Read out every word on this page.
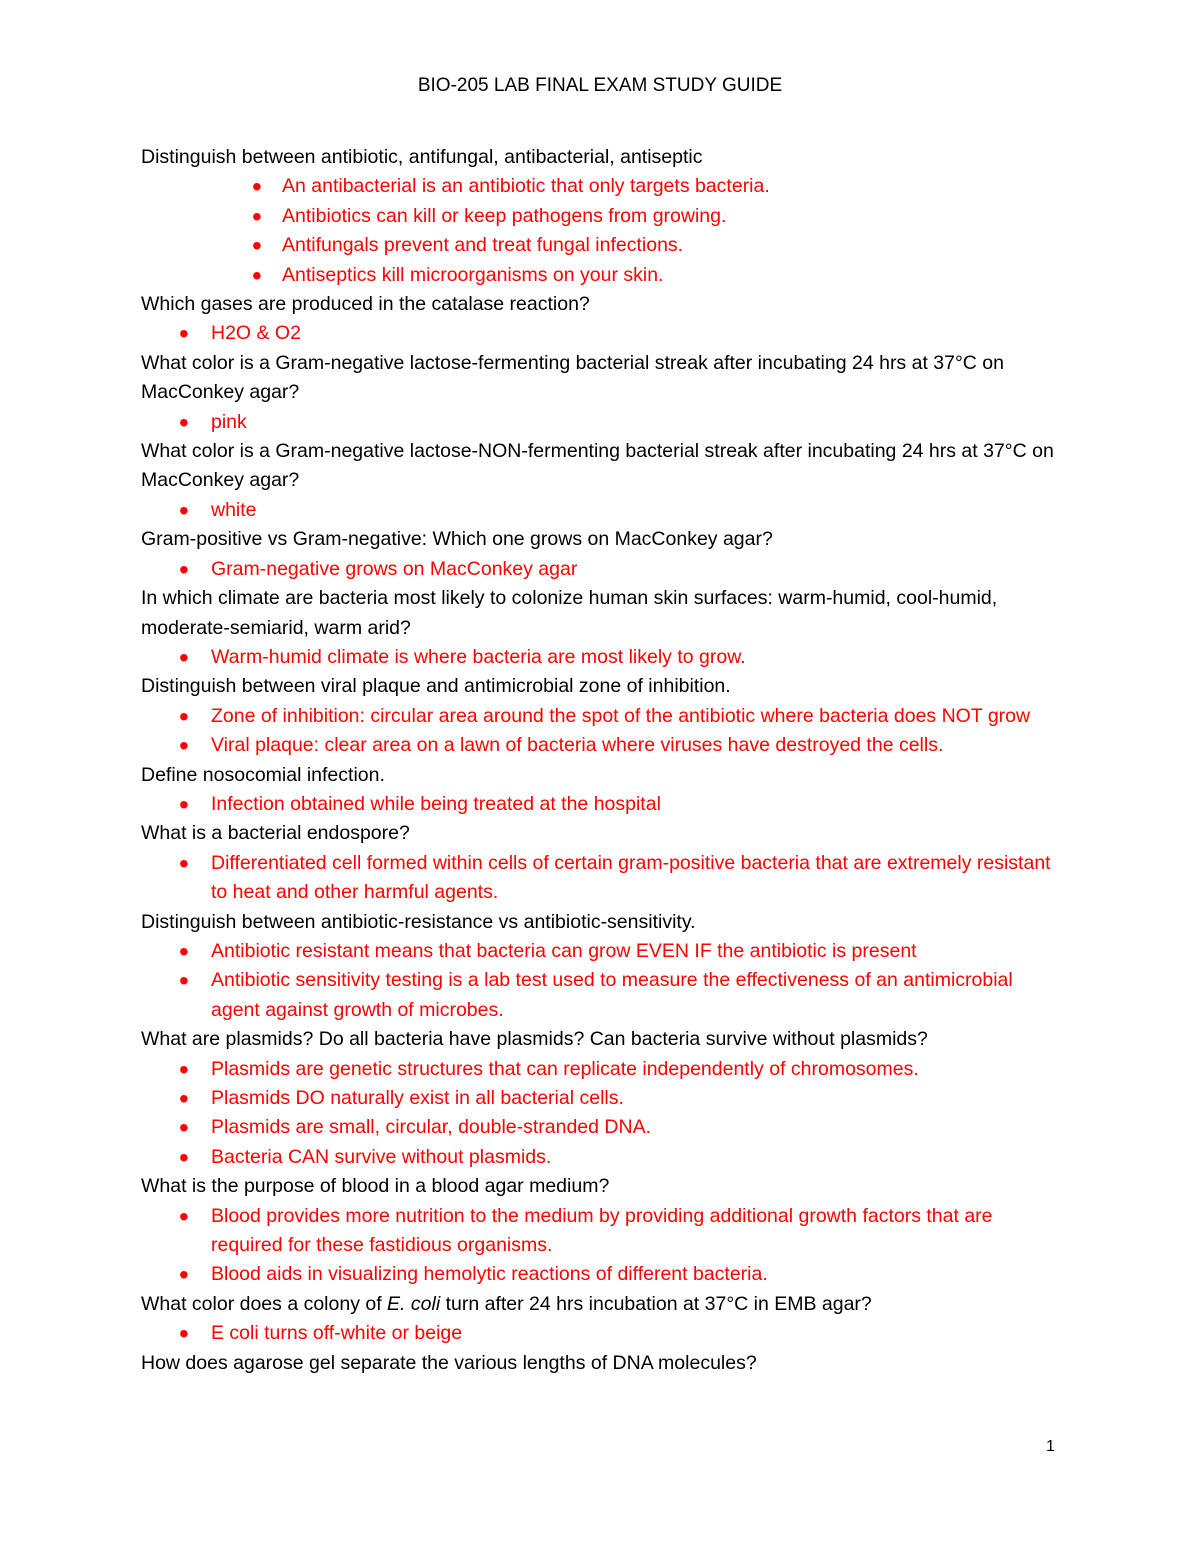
BIO-205 LAB FINAL EXAM STUDY GUIDE

Distinguish between antibiotic, antifungal, antibacterial, antiseptic

• An antibacterial is an antibiotic that only targets bacteria.
• Antibiotics can kill or keep pathogens from growing.
• Antifungals prevent and treat fungal infections.
• Antiseptics kill microorganisms on your skin.

Which gases are produced in the catalase reaction?

• H2O & O2

What color is a Gram-negative lactose-fermenting bacterial streak after incubating 24 hrs at 37°C on MacConkey agar?

• pink

What color is a Gram-negative lactose-NON-fermenting bacterial streak after incubating 24 hrs at 37°C on MacConkey agar?

• white

Gram-positive vs Gram-negative: Which one grows on MacConkey agar?

• Gram-negative grows on MacConkey agar

In which climate are bacteria most likely to colonize human skin surfaces: warm-humid, cool-humid, moderate-semiarid, warm arid?

• Warm-humid climate is where bacteria are most likely to grow.

Distinguish between viral plaque and antimicrobial zone of inhibition.

• Zone of inhibition: circular area around the spot of the antibiotic where bacteria does NOT grow
• Viral plaque: clear area on a lawn of bacteria where viruses have destroyed the cells.

Define nosocomial infection.

• Infection obtained while being treated at the hospital

What is a bacterial endospore?

• Differentiated cell formed within cells of certain gram-positive bacteria that are extremely resistant to heat and other harmful agents.

Distinguish between antibiotic-resistance vs antibiotic-sensitivity.

• Antibiotic resistant means that bacteria can grow EVEN IF the antibiotic is present
• Antibiotic sensitivity testing is a lab test used to measure the effectiveness of an antimicrobial agent against growth of microbes.

What are plasmids? Do all bacteria have plasmids? Can bacteria survive without plasmids?

• Plasmids are genetic structures that can replicate independently of chromosomes.
• Plasmids DO naturally exist in all bacterial cells.
• Plasmids are small, circular, double-stranded DNA.
• Bacteria CAN survive without plasmids.

What is the purpose of blood in a blood agar medium?

• Blood provides more nutrition to the medium by providing additional growth factors that are required for these fastidious organisms.
• Blood aids in visualizing hemolytic reactions of different bacteria.

What color does a colony of E. coli turn after 24 hrs incubation at 37°C in EMB agar?

• E coli turns off-white or beige

How does agarose gel separate the various lengths of DNA molecules?

1
